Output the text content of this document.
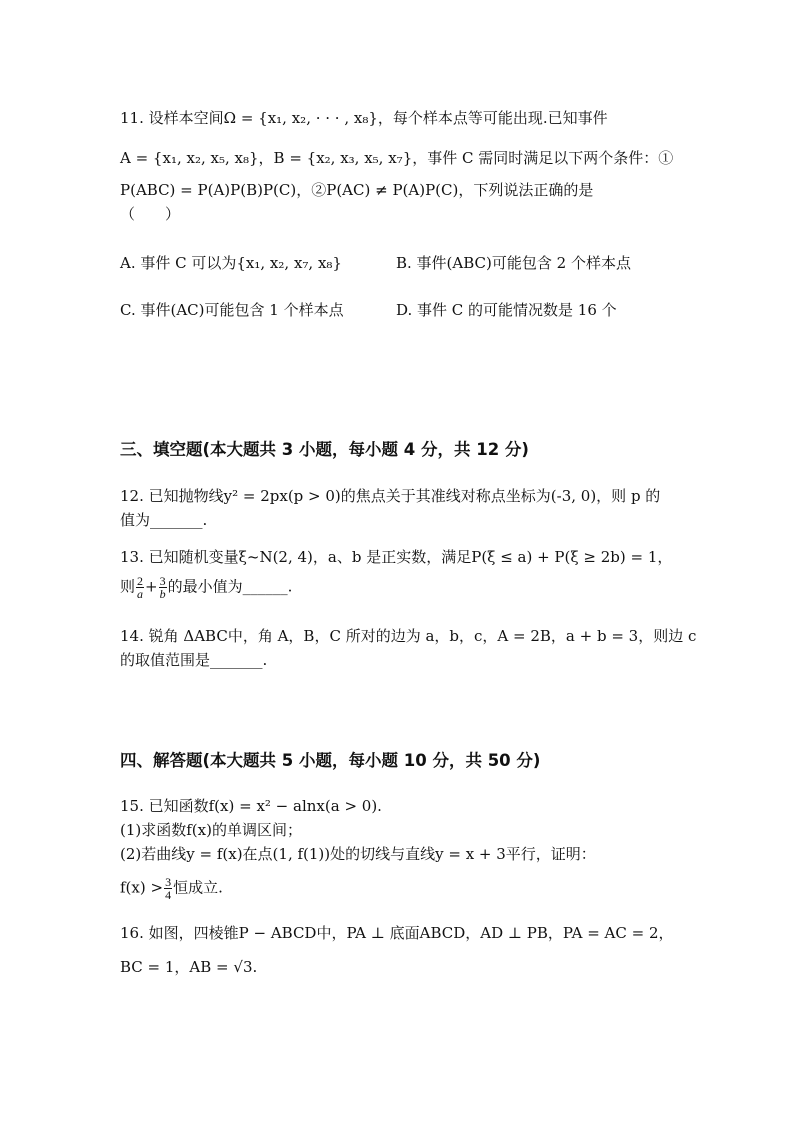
11. 设样本空间Ω = {x₁, x₂, · · · , x₈}，每个样本点等可能出现.已知事件
A = {x₁, x₂, x₅, x₈}，B = {x₂, x₃, x₅, x₇}，事件 C 需同时满足以下两个条件：①
P(ABC) = P(A)P(B)P(C)，②P(AC) ≠ P(A)P(C)，下列说法正确的是
（　　）
A. 事件 C 可以为{x₁, x₂, x₇, x₈}	B. 事件(ABC)可能包含 2 个样本点
C. 事件(AC)可能包含 1 个样本点	D. 事件 C 的可能情况数是 16 个
三、填空题(本大题共 3 小题，每小题 4 分，共 12 分)
12. 已知抛物线y² = 2px(p > 0)的焦点关于其准线对称点坐标为(-3, 0)，则 p 的
值为_______.
13. 已知随机变量ξ~N(2, 4)，a、b 是正实数，满足P(ξ ≤ a) + P(ξ ≥ 2b) = 1，
则 $\frac{2}{a} + \frac{3}{b}$ 的最小值为______.
14. 锐角 ΔABC中，角 A，B，C 所对的边为 a，b，c，A = 2B，a + b = 3，则边 c
的取值范围是_______.
四、解答题(本大题共 5 小题，每小题 10 分，共 50 分)
15. 已知函数f(x) = x² − alnx(a > 0).
(1)求函数f(x)的单调区间；
(2)若曲线y = f(x)在点(1, f(1))处的切线与直线y = x + 3平行，证明：
$f(x) > \frac{3}{4}$ 恒成立.
16. 如图，四棱锥P − ABCD中，PA ⊥ 底面ABCD，AD ⊥ PB，PA = AC = 2，
BC = 1，AB = √3.
